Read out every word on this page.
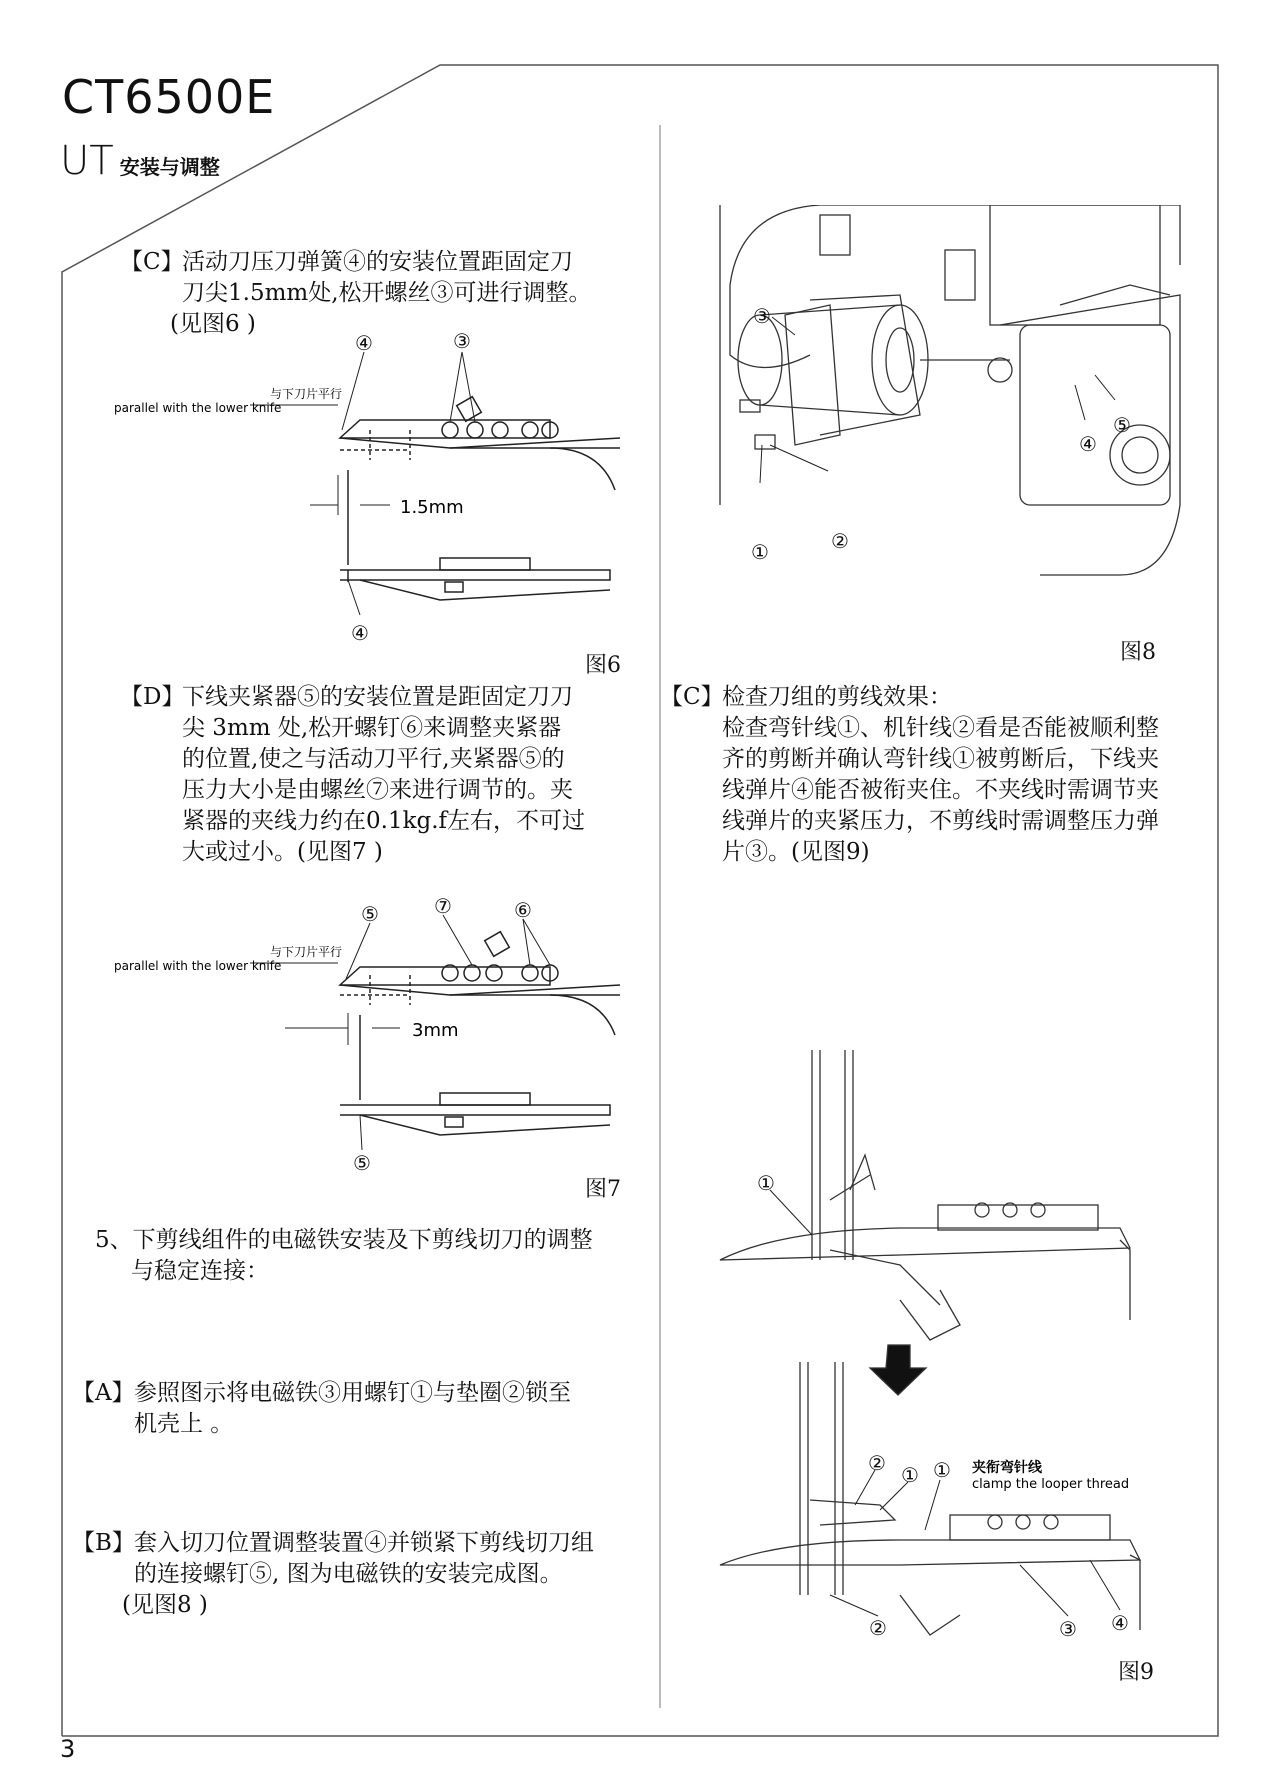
CT6500E
UT 安装与调整
【C】活动刀压刀弹簧④的安装位置距固定刀
刀尖1.5mm处,松开螺丝③可进行调整。
(见图6 )
④	③
④
与下刀片平行
parallel with the lower knife
1.5mm
图6
【D】下线夹紧器⑤的安装位置是距固定刀刀
尖 3mm 处,松开螺钉⑥来调整夹紧器
的位置,使之与活动刀平行,夹紧器⑤的
压力大小是由螺丝⑦来进行调节的。夹
紧器的夹线力约在0.1kg.f左右，不可过
大或过小。(见图7 )
⑤	⑦	⑥
⑤
与下刀片平行
parallel with the lower knife
3mm
图7
5、下剪线组件的电磁铁安装及下剪线切刀的调整
与稳定连接：
【A】参照图示将电磁铁③用螺钉①与垫圈②锁至
机壳上 。
【B】套入切刀位置调整装置④并锁紧下剪线切刀组
的连接螺钉⑤, 图为电磁铁的安装完成图。
(见图8 )
③
⑤
④
①	②
图8
【C】检查刀组的剪线效果：
检查弯针线①、机针线②看是否能被顺利整
齐的剪断并确认弯针线①被剪断后，下线夹
线弹片④能否被衔夹住。不夹线时需调节夹
线弹片的夹紧压力，不剪线时需调整压力弹
片③。(见图9)
①
② ① ①
②	③ ④
夹衔弯针线
clamp the looper thread
图9
3
